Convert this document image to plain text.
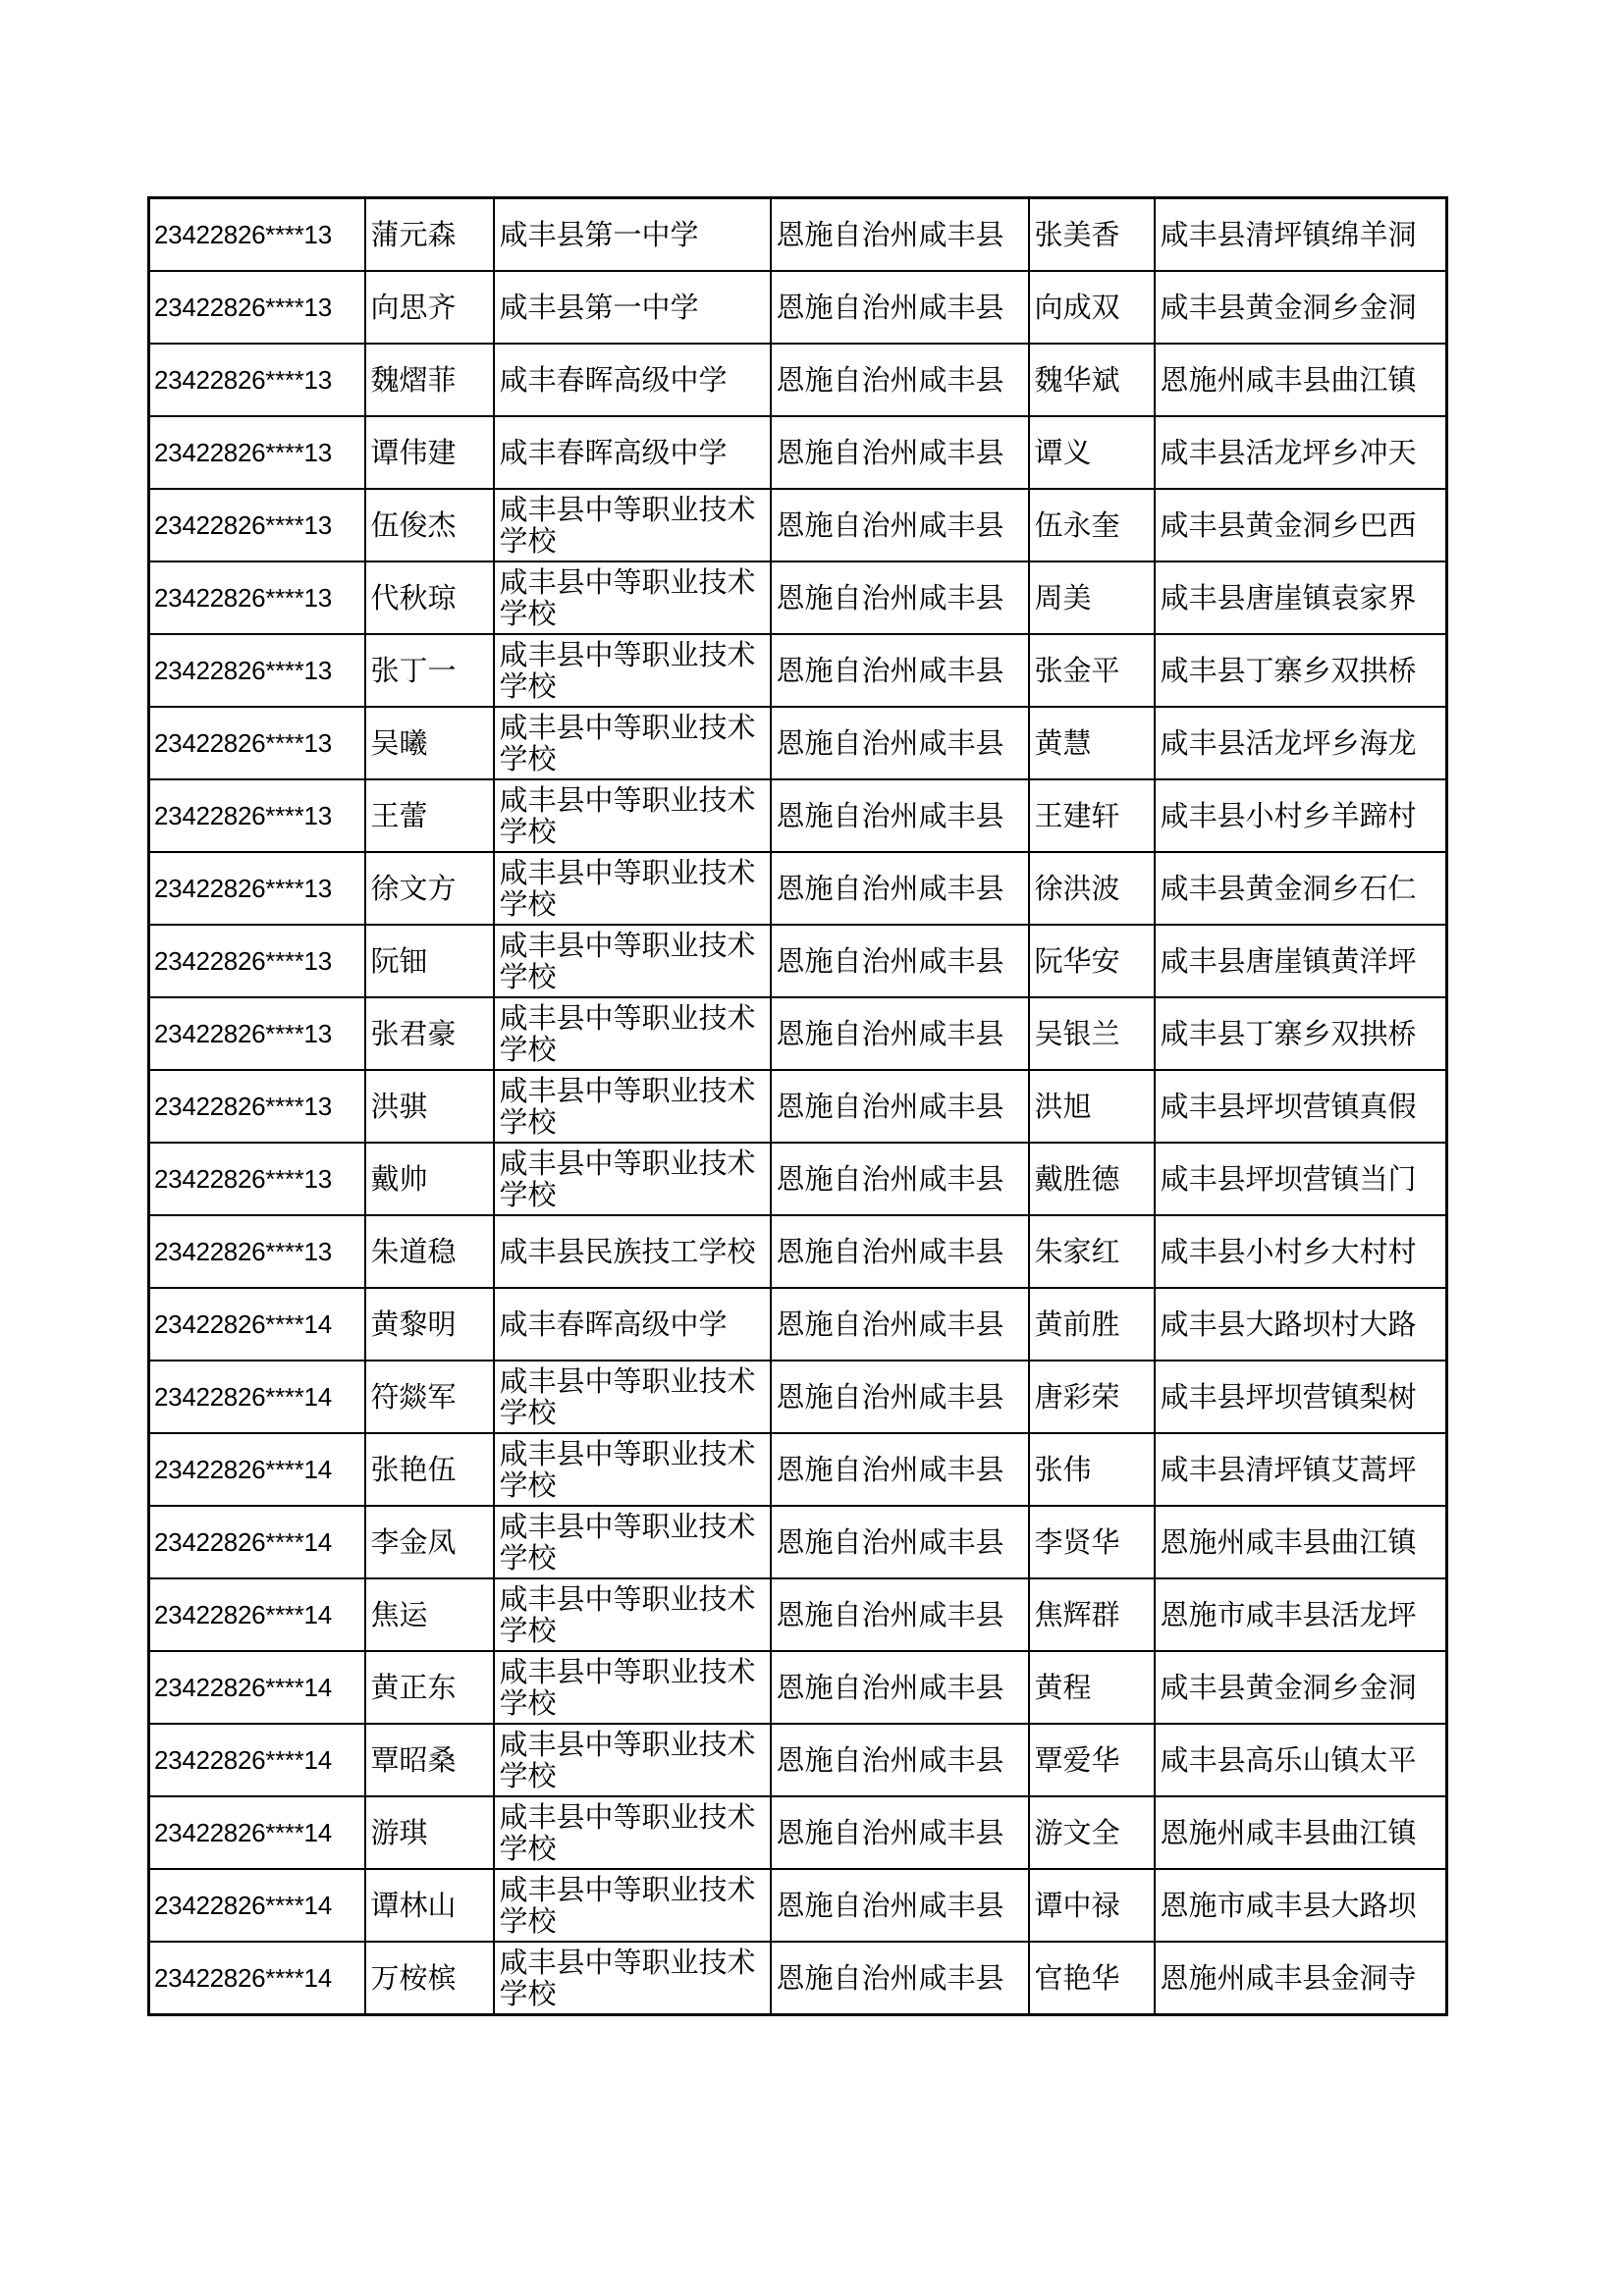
23422826****13	蒲元森	咸丰县第一中学	恩施自治州咸丰县	张美香	咸丰县清坪镇绵羊洞
23422826****13	向思齐	咸丰县第一中学	恩施自治州咸丰县	向成双	咸丰县黄金洞乡金洞
23422826****13	魏熠菲	咸丰春晖高级中学	恩施自治州咸丰县	魏华斌	恩施州咸丰县曲江镇
23422826****13	谭伟建	咸丰春晖高级中学	恩施自治州咸丰县	谭义	咸丰县活龙坪乡冲天
23422826****13	伍俊杰	咸丰县中等职业技术学校	恩施自治州咸丰县	伍永奎	咸丰县黄金洞乡巴西
23422826****13	代秋琼	咸丰县中等职业技术学校	恩施自治州咸丰县	周美	咸丰县唐崖镇袁家界
23422826****13	张丁一	咸丰县中等职业技术学校	恩施自治州咸丰县	张金平	咸丰县丁寨乡双拱桥
23422826****13	吴曦	咸丰县中等职业技术学校	恩施自治州咸丰县	黄慧	咸丰县活龙坪乡海龙
23422826****13	王蕾	咸丰县中等职业技术学校	恩施自治州咸丰县	王建轩	咸丰县小村乡羊蹄村
23422826****13	徐文方	咸丰县中等职业技术学校	恩施自治州咸丰县	徐洪波	咸丰县黄金洞乡石仁
23422826****13	阮钿	咸丰县中等职业技术学校	恩施自治州咸丰县	阮华安	咸丰县唐崖镇黄洋坪
23422826****13	张君豪	咸丰县中等职业技术学校	恩施自治州咸丰县	吴银兰	咸丰县丁寨乡双拱桥
23422826****13	洪骐	咸丰县中等职业技术学校	恩施自治州咸丰县	洪旭	咸丰县坪坝营镇真假
23422826****13	戴帅	咸丰县中等职业技术学校	恩施自治州咸丰县	戴胜德	咸丰县坪坝营镇当门
23422826****13	朱道稳	咸丰县民族技工学校	恩施自治州咸丰县	朱家红	咸丰县小村乡大村村
23422826****14	黄黎明	咸丰春晖高级中学	恩施自治州咸丰县	黄前胜	咸丰县大路坝村大路
23422826****14	符燚军	咸丰县中等职业技术学校	恩施自治州咸丰县	唐彩荣	咸丰县坪坝营镇梨树
23422826****14	张艳伍	咸丰县中等职业技术学校	恩施自治州咸丰县	张伟	咸丰县清坪镇艾蒿坪
23422826****14	李金凤	咸丰县中等职业技术学校	恩施自治州咸丰县	李贤华	恩施州咸丰县曲江镇
23422826****14	焦运	咸丰县中等职业技术学校	恩施自治州咸丰县	焦辉群	恩施市咸丰县活龙坪
23422826****14	黄正东	咸丰县中等职业技术学校	恩施自治州咸丰县	黄程	咸丰县黄金洞乡金洞
23422826****14	覃昭桑	咸丰县中等职业技术学校	恩施自治州咸丰县	覃爱华	咸丰县高乐山镇太平
23422826****14	游琪	咸丰县中等职业技术学校	恩施自治州咸丰县	游文全	恩施州咸丰县曲江镇
23422826****14	谭林山	咸丰县中等职业技术学校	恩施自治州咸丰县	谭中禄	恩施市咸丰县大路坝
23422826****14	万桉槟	咸丰县中等职业技术学校	恩施自治州咸丰县	官艳华	恩施州咸丰县金洞寺
